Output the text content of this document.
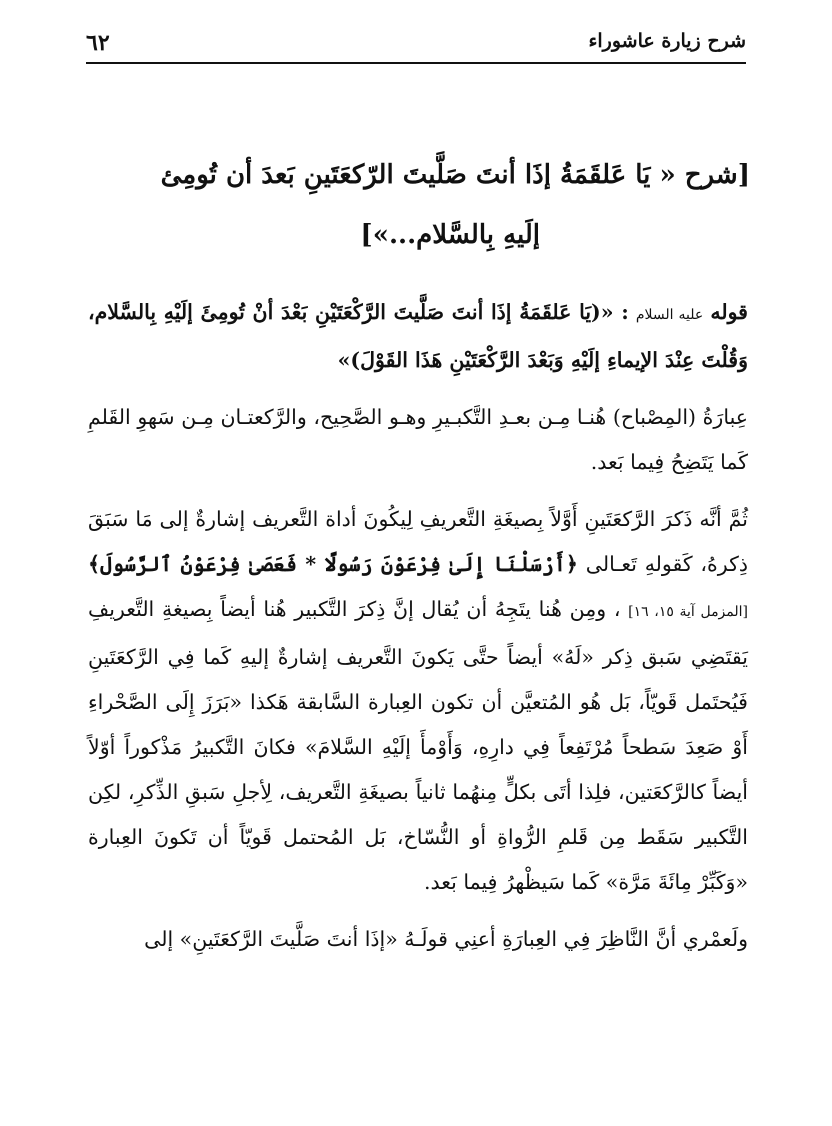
٦٢	شرح زيارة عاشوراء
[شرح « يَا عَلقَمَةُ إذَا أنتَ صَلَّيتَ الرّكعَتَينِ بَعدَ أن تُومِئ
إلَيهِ بِالسَّلام...»]

قوله عليه السلام : «(يَا عَلقَمَةُ إذَا أنتَ صَلَّيتَ الرَّكْعَتَيْنِ بَعْدَ أنْ تُومِئَ إلَيْهِ بِالسَّلام، وَقُلْتَ عِنْدَ الإيماءِ إلَيْهِ وَبَعْدَ الرَّكْعَتَيْنِ هَذَا القَوْلَ)»

عِبارَةُ (المِصْباح) هُنـا مِـن بعـدِ التَّكبـيرِ وهـو الصَّحِيح، والرَّكعتـان مِـن سَهوِ القَلمِ كَما يَتَضِحُ فِيما بَعد.

ثُمَّ أنَّه ذَكرَ الرَّكعَتَينِ أَوَّلاً بِصيغَةِ التَّعريفِ لِيكُونَ أداة التَّعريف إشارةٌ إلى مَا سَبَقَ ذِكرهُ، كَقولهِ تَعـالى ﴿أَرْسَلْنَا إِلَىٰ فِرْعَوْنَ رَسُولًا * فَعَصَىٰ فِرْعَوْنُ ٱلرَّسُولَ﴾ [المزمل آية ١٥، ١٦] ، ومِن هُنا يتَجِهُ أن يُقال إنَّ ذِكرَ التَّكبير هُنا أيضاً بِصيغةِ التَّعريفِ يَقتَضِي سَبق ذِكر «لَهُ» أيضاً حتَّى يَكونَ التَّعريف إشارةٌ إليهِ كَما فِي الرَّكعَتَينِ فَيُحتَمل قَويّاً، بَل هُو المُتعيَّن أن تكون العِبارة السَّابقة هَكذا «بَرَزَ إِلَى الصَّحْراءِ أَوْ صَعِدَ سَطحاً مُرْتَفِعاً فِي دارِهِ، وَأَوْمأَ إلَيْهِ السَّلامَ» فكانَ التَّكبيرُ مَذْكوراً أوّلاً أيضاً كالرَّكعَتين، فلِذا أتَى بكلٍّ مِنهُما ثانياً بصيغَةِ التَّعريف، لِأجلِ سَبقِ الذِّكرِ، لكِن التَّكبير سَقَط مِن قَلمِ الرُّواةِ أو النُّسّاخ، بَل المُحتمل قَويّاً أن تَكونَ العِبارة «وَكَبِّرْ مِائَةَ مَرَّة» كَما سَيظْهرُ فِيما بَعد.

ولَعمْري أنَّ النَّاظِرَ فِي العِبارَةِ أعنِي قولَـهُ «إذَا أنتَ صَلَّيتَ الرَّكعَتَينِ» إلى
